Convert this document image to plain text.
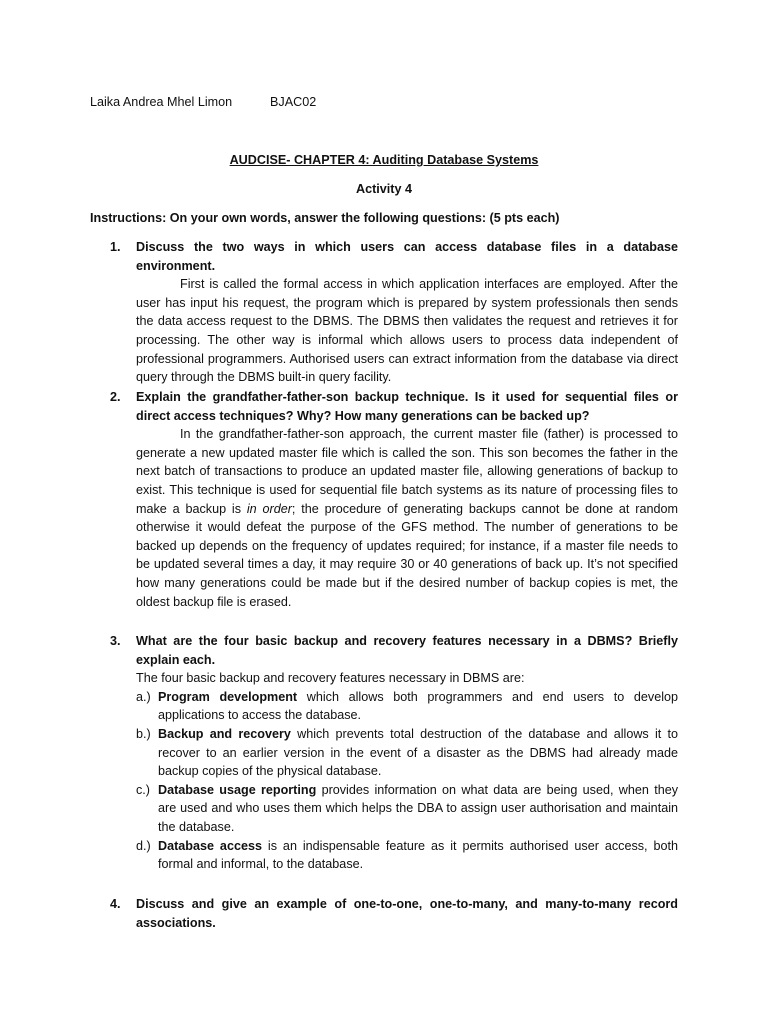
Laika Andrea Mhel Limon	BJAC02
AUDCISE- CHAPTER 4: Auditing Database Systems
Activity 4
Instructions: On your own words, answer the following questions: (5 pts each)
1. Discuss the two ways in which users can access database files in a database environment.
First is called the formal access in which application interfaces are employed. After the user has input his request, the program which is prepared by system professionals then sends the data access request to the DBMS. The DBMS then validates the request and retrieves it for processing. The other way is informal which allows users to process data independent of professional programmers. Authorised users can extract information from the database via direct query through the DBMS built-in query facility.
2. Explain the grandfather-father-son backup technique. Is it used for sequential files or direct access techniques? Why? How many generations can be backed up?
In the grandfather-father-son approach, the current master file (father) is processed to generate a new updated master file which is called the son. This son becomes the father in the next batch of transactions to produce an updated master file, allowing generations of backup to exist. This technique is used for sequential file batch systems as its nature of processing files to make a backup is in order; the procedure of generating backups cannot be done at random otherwise it would defeat the purpose of the GFS method. The number of generations to be backed up depends on the frequency of updates required; for instance, if a master file needs to be updated several times a day, it may require 30 or 40 generations of back up. It’s not specified how many generations could be made but if the desired number of backup copies is met, the oldest backup file is erased.
3. What are the four basic backup and recovery features necessary in a DBMS? Briefly explain each.
The four basic backup and recovery features necessary in DBMS are:
a.) Program development which allows both programmers and end users to develop applications to access the database.
b.) Backup and recovery which prevents total destruction of the database and allows it to recover to an earlier version in the event of a disaster as the DBMS had already made backup copies of the physical database.
c.) Database usage reporting provides information on what data are being used, when they are used and who uses them which helps the DBA to assign user authorisation and maintain the database.
d.) Database access is an indispensable feature as it permits authorised user access, both formal and informal, to the database.
4. Discuss and give an example of one-to-one, one-to-many, and many-to-many record associations.
